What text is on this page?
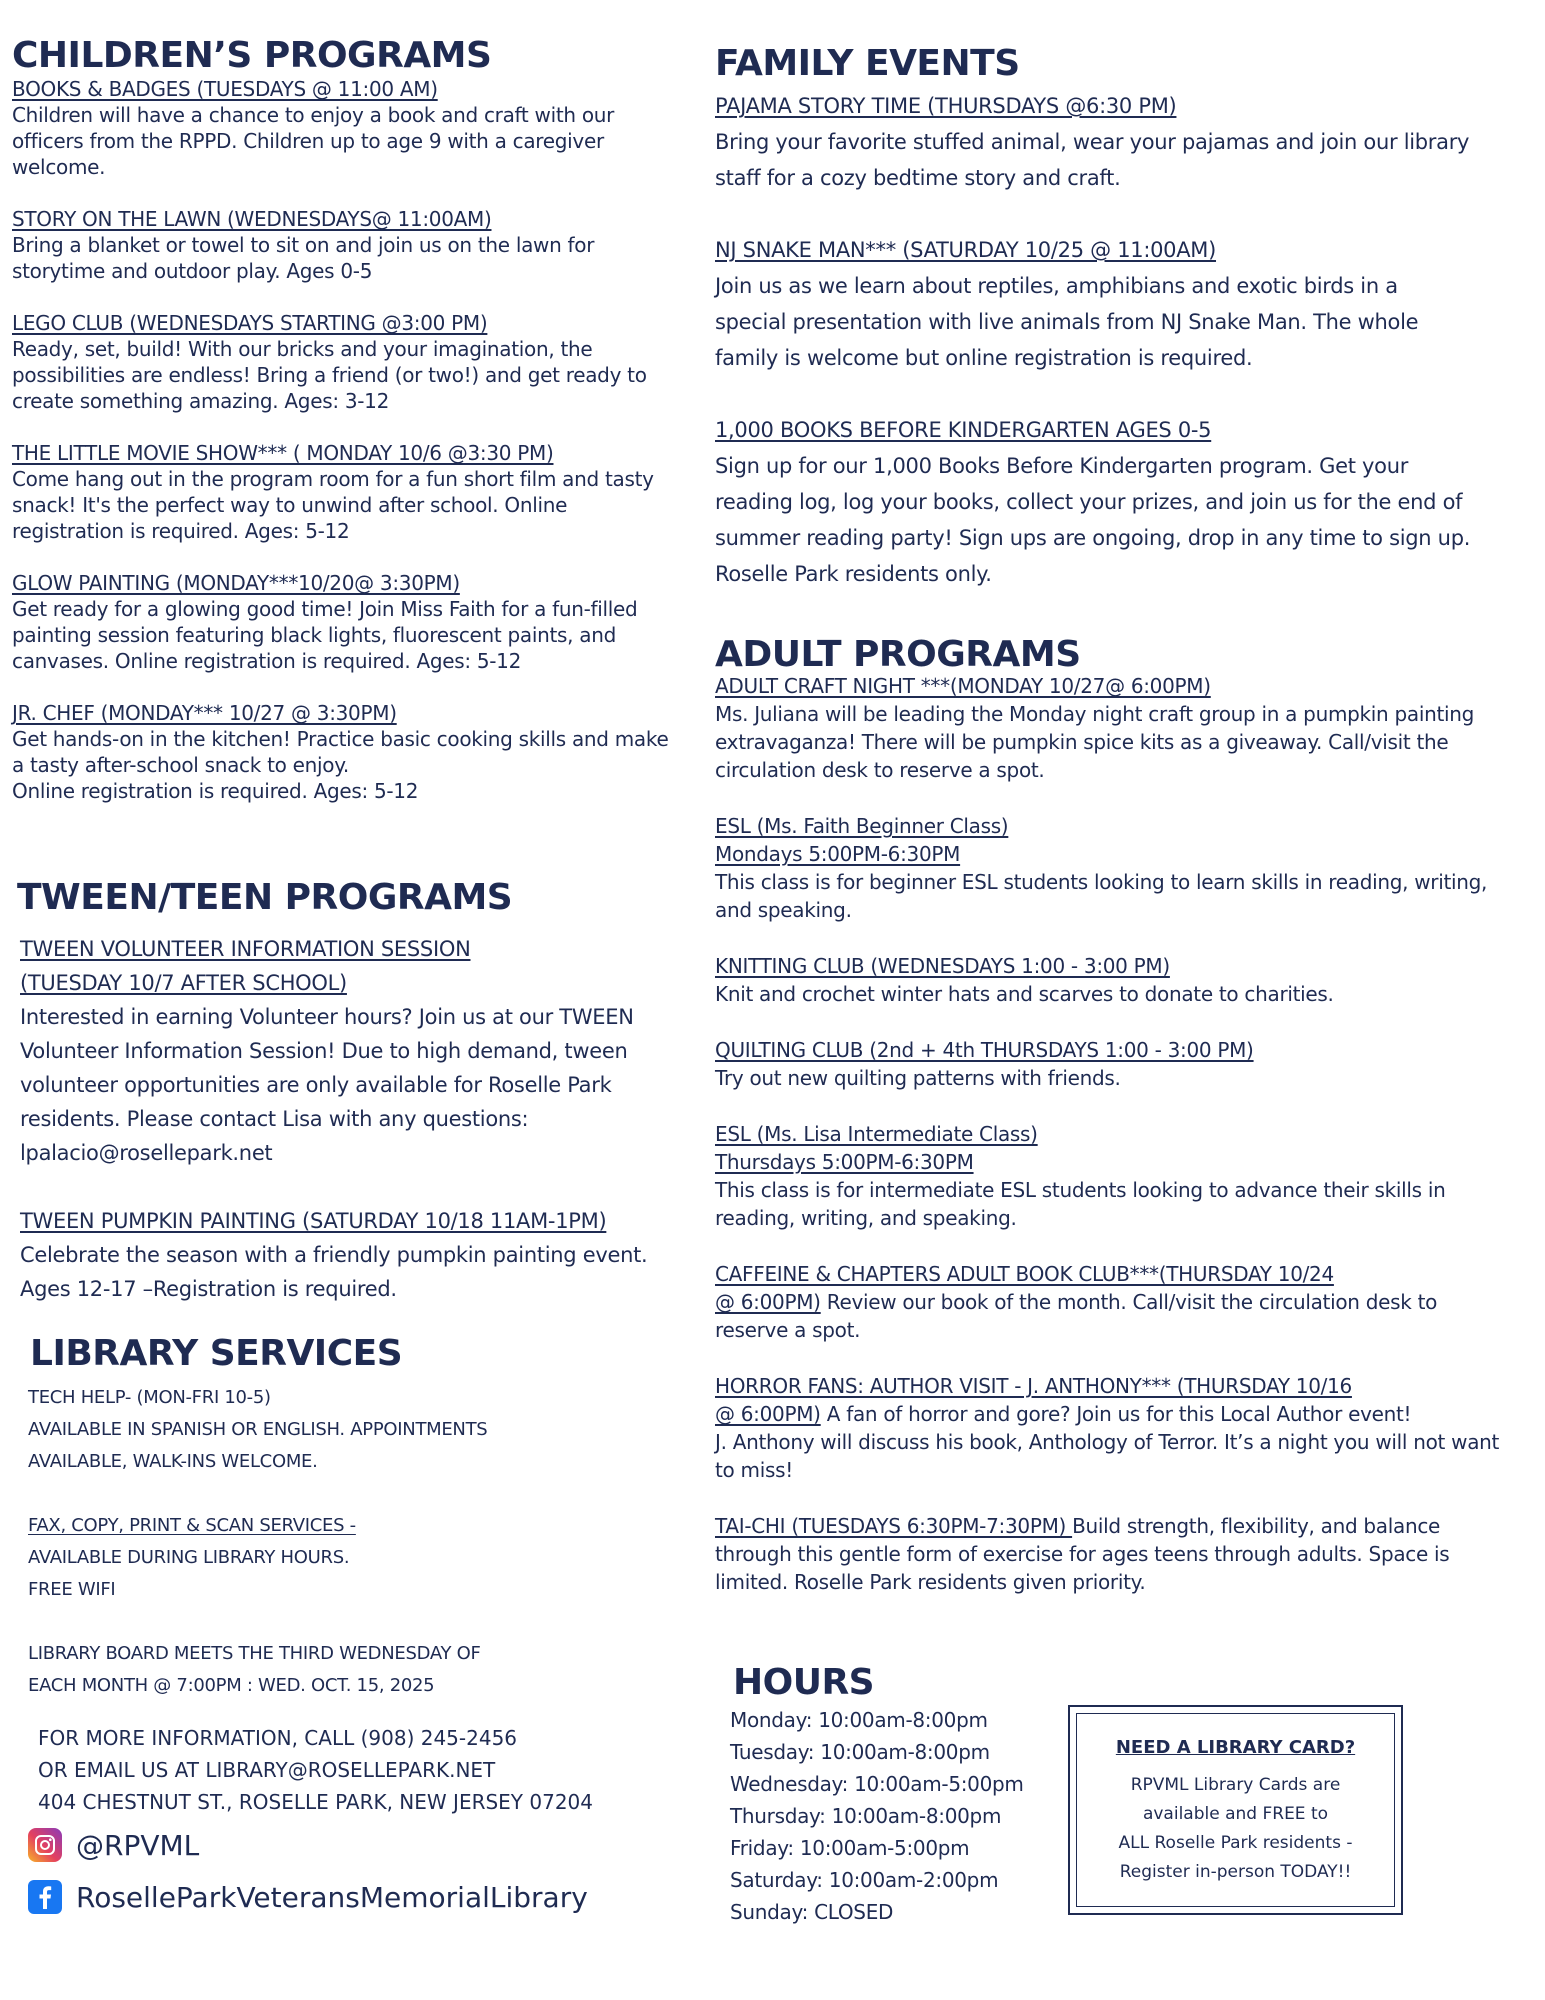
CHILDREN’S PROGRAMS
BOOKS & BADGES (TUESDAYS @ 11:00 AM)
Children will have a chance to enjoy a book and craft with our officers from the RPPD. Children up to age 9 with a caregiver welcome.
STORY ON THE LAWN (WEDNESDAYS@ 11:00AM)
Bring a blanket or towel to sit on and join us on the lawn for storytime and outdoor play. Ages 0-5
LEGO CLUB (WEDNESDAYS STARTING @3:00 PM)
Ready, set, build! With our bricks and your imagination, the possibilities are endless! Bring a friend (or two!) and get ready to create something amazing. Ages: 3-12
THE LITTLE MOVIE SHOW*** ( MONDAY 10/6 @3:30 PM)
Come hang out in the program room for a fun short film and tasty snack! It's the perfect way to unwind after school. Online registration is required. Ages: 5-12
GLOW PAINTING (MONDAY***10/20@ 3:30PM)
Get ready for a glowing good time! Join Miss Faith for a fun-filled painting session featuring black lights, fluorescent paints, and canvases. Online registration is required. Ages: 5-12
JR. CHEF (MONDAY*** 10/27 @ 3:30PM)
Get hands-on in the kitchen! Practice basic cooking skills and make a tasty after-school snack to enjoy.
Online registration is required. Ages: 5-12
TWEEN/TEEN PROGRAMS
TWEEN VOLUNTEER INFORMATION SESSION
(TUESDAY 10/7 AFTER SCHOOL)
Interested in earning Volunteer hours? Join us at our TWEEN Volunteer Information Session! Due to high demand, tween volunteer opportunities are only available for Roselle Park residents. Please contact Lisa with any questions: lpalacio@rosellepark.net
TWEEN PUMPKIN PAINTING (SATURDAY 10/18 11AM-1PM)
Celebrate the season with a friendly pumpkin painting event. Ages 12-17 –Registration is required.
LIBRARY SERVICES
TECH HELP- (MON-FRI 10-5)
AVAILABLE IN SPANISH OR ENGLISH. APPOINTMENTS
AVAILABLE, WALK-INS WELCOME.
FAX, COPY, PRINT & SCAN SERVICES -
AVAILABLE DURING LIBRARY HOURS.
FREE WIFI
LIBRARY BOARD MEETS THE THIRD WEDNESDAY OF
EACH MONTH @ 7:00PM : WED. OCT. 15, 2025
FOR MORE INFORMATION, CALL (908) 245-2456
OR EMAIL US AT LIBRARY@ROSELLEPARK.NET
404 CHESTNUT ST., ROSELLE PARK, NEW JERSEY 07204
@RPVML
RoselleParkVeteransMemorialLibrary
FAMILY EVENTS
PAJAMA STORY TIME (THURSDAYS @6:30 PM)
Bring your favorite stuffed animal, wear your pajamas and join our library staff for a cozy bedtime story and craft.
NJ SNAKE MAN*** (SATURDAY 10/25 @ 11:00AM)
Join us as we learn about reptiles, amphibians and exotic birds in a special presentation with live animals from NJ Snake Man. The whole family is welcome but online registration is required.
1,000 BOOKS BEFORE KINDERGARTEN AGES 0-5
Sign up for our 1,000 Books Before Kindergarten program. Get your reading log, log your books, collect your prizes, and join us for the end of summer reading party! Sign ups are ongoing, drop in any time to sign up. Roselle Park residents only.
ADULT PROGRAMS
ADULT CRAFT NIGHT ***(MONDAY 10/27@ 6:00PM)
Ms. Juliana will be leading the Monday night craft group in a pumpkin painting extravaganza! There will be pumpkin spice kits as a giveaway. Call/visit the circulation desk to reserve a spot.
ESL (Ms. Faith Beginner Class)
Mondays 5:00PM-6:30PM
This class is for beginner ESL students looking to learn skills in reading, writing, and speaking.
KNITTING CLUB (WEDNESDAYS 1:00 - 3:00 PM)
Knit and crochet winter hats and scarves to donate to charities.
QUILTING CLUB (2nd + 4th THURSDAYS 1:00 - 3:00 PM)
Try out new quilting patterns with friends.
ESL (Ms. Lisa Intermediate Class)
Thursdays 5:00PM-6:30PM
This class is for intermediate ESL students looking to advance their skills in reading, writing, and speaking.
CAFFEINE & CHAPTERS ADULT BOOK CLUB***(THURSDAY 10/24
@ 6:00PM) Review our book of the month. Call/visit the circulation desk to reserve a spot.
HORROR FANS: AUTHOR VISIT - J. ANTHONY*** (THURSDAY 10/16
@ 6:00PM) A fan of horror and gore? Join us for this Local Author event!
J. Anthony will discuss his book, Anthology of Terror. It’s a night you will not want to miss!
TAI-CHI (TUESDAYS 6:30PM-7:30PM) Build strength, flexibility, and balance through this gentle form of exercise for ages teens through adults. Space is limited. Roselle Park residents given priority.
HOURS

Monday: 10:00am-8:00pm

Tuesday: 10:00am-8:00pm

Wednesday: 10:00am-5:00pm

Thursday: 10:00am-8:00pm

Friday: 10:00am-5:00pm

Saturday: 10:00am-2:00pm

Sunday: CLOSED

NEED A LIBRARY CARD?
RPVML Library Cards are
available and FREE to
ALL Roselle Park residents -
Register in-person TODAY!!
